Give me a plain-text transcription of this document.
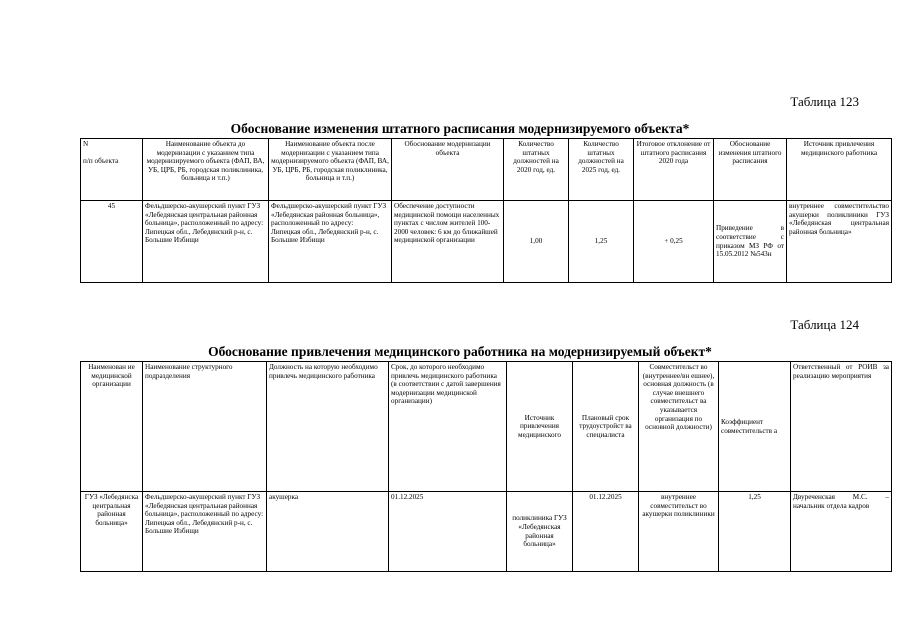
Таблица 123
Обоснование изменения штатного расписания модернизируемого объекта*
N

п/п объекта	Наименование объекта до модернизации с указанием типа модернизируемого объекта (ФАП, ВА, УБ, ЦРБ, РБ, городская поликлиника, больница и т.п.)	Наименование объекта после модернизации с указанием типа модернизируемого объекта (ФАП, ВА, УБ, ЦРБ, РБ, городская поликлиника, больница и т.п.)	Обоснование модернизации объекта	Количество штатных должностей на 2020 год, ед.	Количество штатных должностей на 2025 год, ед.	Итоговое отклонение от штатного расписания 2020 года	Обоснование изменения штатного расписания	Источник привлечения медицинского работника
45	Фельдшерско-акушерский пункт ГУЗ «Лебедянская центральная районная больница», расположенный по адресу:
Липецкая обл., Лебедянский р-н, с. Большие Избищи	Фельдшерско-акушерский пункт ГУЗ «Лебедянская районная больница»,
расположенный по адресу:
Липецкая обл., Лебедянский р-н, с. Большие Избищи	Обеспечение доступности медицинской помощи населенных пунктах с числом жителей 100-2000 человек: 6 км до ближайшей медицинской организации	1,00	1,25	+ 0,25	Приведение в соответствие с приказом МЗ РФ от 15.05.2012 №543н	внутреннее совместительство акушерки поликлиники ГУЗ «Лебедянская центральная районная больница»
Таблица 124
Обоснование привлечения медицинского работника на модернизируемый объект*
Наименован ие медицинской организации	Наименование структурного подразделения	Должность на которую необходимо привлечь медицинского работника	Срок, до которого необходимо привлечь медицинского работника (в соответствии с датой завершения модернизации медицинской организации)	Источник привлечения медицинского	Плановый срок трудоустройст ва специалиста	Совместительст во (внутреннее/вн ешнее), основная должность (в случае внешнего совместительст ва указывается организация по основной должности)	Коэффициент совместительств а	Ответственный от РОИВ за реализацию мероприятия
ГУЗ «Лебедянска центральная районная больница»	Фельдшерско-акушерский пункт ГУЗ «Лебедянская центральная районная больница», расположенный по адресу:
Липецкая обл., Лебедянский р-н, с. Большие Избищи	акушерка	01.12.2025	поликлиника ГУЗ «Лебедянская районная больница»	01.12.2025	внутреннее совместительст во акушерки поликлиники	1,25	Двуреченская М.С. – начальник отдела кадров
